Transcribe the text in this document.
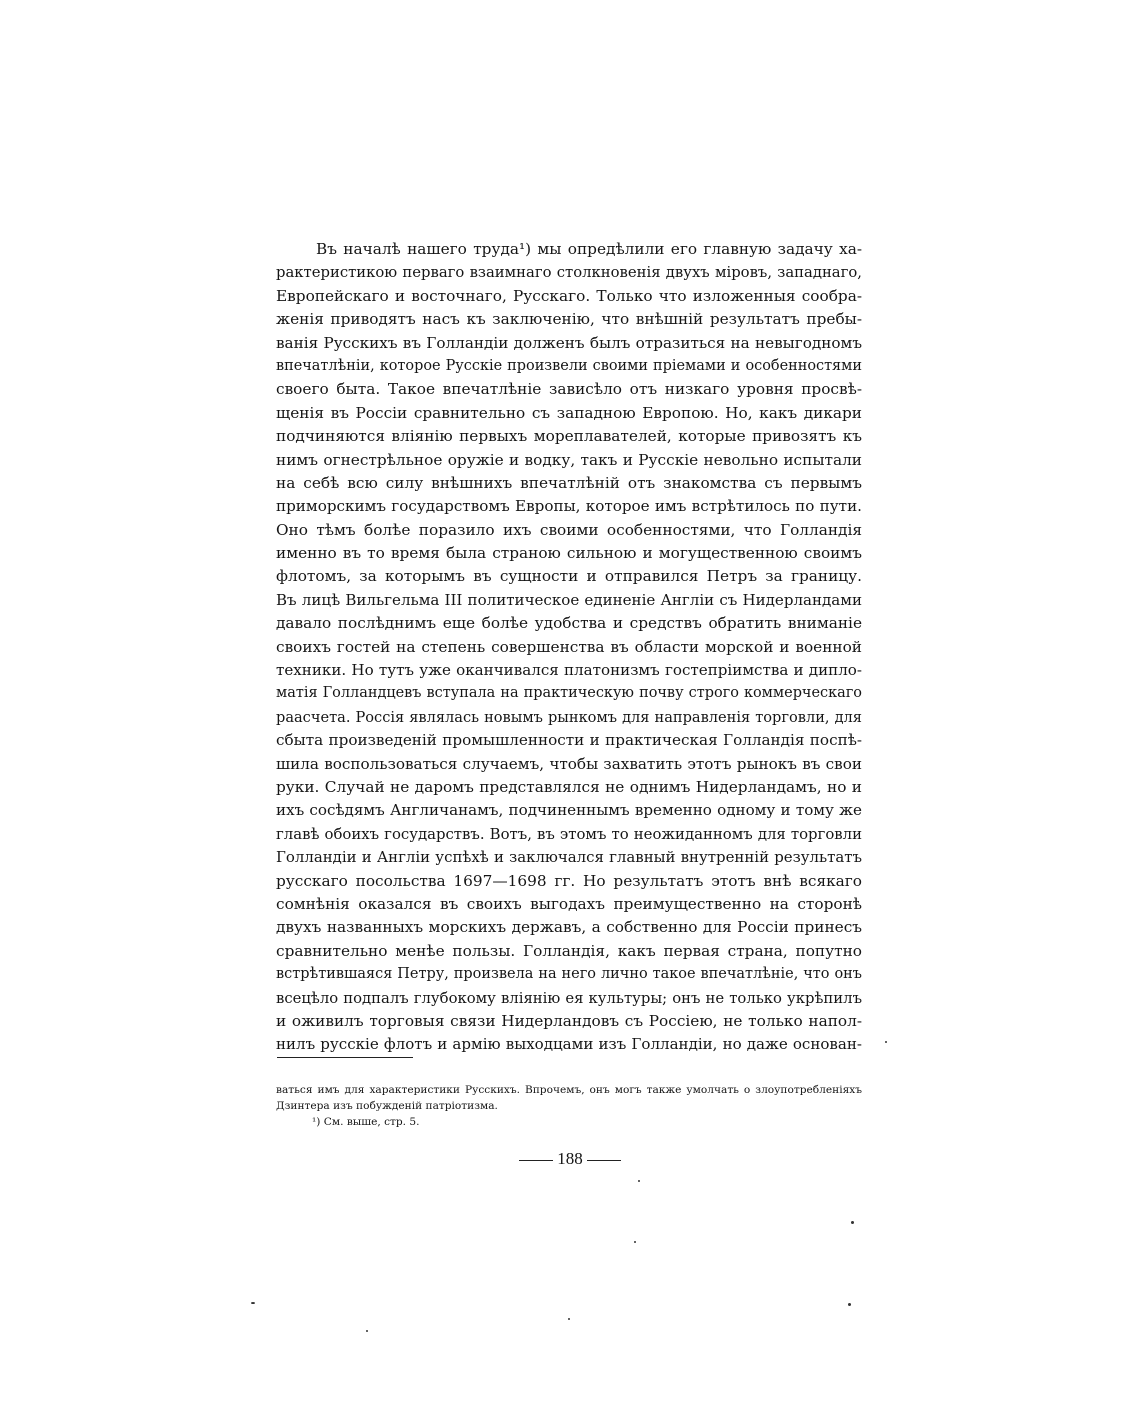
Въ началѣ нашего труда¹) мы опредѣлили его главную задачу ха-
рактеристикою перваго взаимнаго столкновенія двухъ міровъ, западнаго,
Европейскаго и восточнаго, Русскаго. Только что изложенныя сообра-
женія приводятъ насъ къ заключенію, что внѣшній результатъ пребы-
ванія Русскихъ въ Голландіи долженъ былъ отразиться на невыгодномъ
впечатлѣніи, которое Русскіе произвели своими пріемами и особенностями
своего быта. Такое впечатлѣніе зависѣло отъ низкаго уровня просвѣ-
щенія въ Россіи сравнительно съ западною Европою. Но, какъ дикари
подчиняются вліянію первыхъ мореплавателей, которые привозятъ къ
нимъ огнестрѣльное оружіе и водку, такъ и Русскіе невольно испытали
на себѣ всю силу внѣшнихъ впечатлѣній отъ знакомства съ первымъ
приморскимъ государствомъ Европы, которое имъ встрѣтилось по пути.
Оно тѣмъ болѣе поразило ихъ своими особенностями, что Голландія
именно въ то время была страною сильною и могущественною своимъ
флотомъ, за которымъ въ сущности и отправился Петръ за границу.
Въ лицѣ Вильгельма III политическое единеніе Англіи съ Нидерландами
давало послѣднимъ еще болѣе удобства и средствъ обратить вниманіе
своихъ гостей на степень совершенства въ области морской и военной
техники. Но тутъ уже оканчивался платонизмъ гостепріимства и дипло-
матія Голландцевъ вступала на практическую почву строго коммерческаго
раасчета. Россія являлась новымъ рынкомъ для направленія торговли, для
сбыта произведеній промышленности и практическая Голландія поспѣ-
шила воспользоваться случаемъ, чтобы захватить этотъ рынокъ въ свои
руки. Случай не даромъ представлялся не однимъ Нидерландамъ, но и
ихъ сосѣдямъ Англичанамъ, подчиненнымъ временно одному и тому же
главѣ обоихъ государствъ. Вотъ, въ этомъ то неожиданномъ для торговли
Голландіи и Англіи успѣхѣ и заключался главный внутренній результатъ
русскаго посольства 1697—1698 гг. Но результатъ этотъ внѣ всякаго
сомнѣнія оказался въ своихъ выгодахъ преимущественно на сторонѣ
двухъ названныхъ морскихъ державъ, а собственно для Россіи принесъ
сравнительно менѣе пользы. Голландія, какъ первая страна, попутно
встрѣтившаяся Петру, произвела на него лично такое впечатлѣніе, что онъ
всецѣло подпалъ глубокому вліянію ея культуры; онъ не только укрѣпилъ
и оживилъ торговыя связи Нидерландовъ съ Россіею, не только напол-
нилъ русскіе флотъ и армію выходцами изъ Голландіи, но даже основан-
ваться имъ для характеристики Русскихъ. Впрочемъ, онъ могъ также умолчать о злоупотребленіяхъ
Дзинтера изъ побужденій патріотизма.
¹) См. выше, стр. 5.
188
